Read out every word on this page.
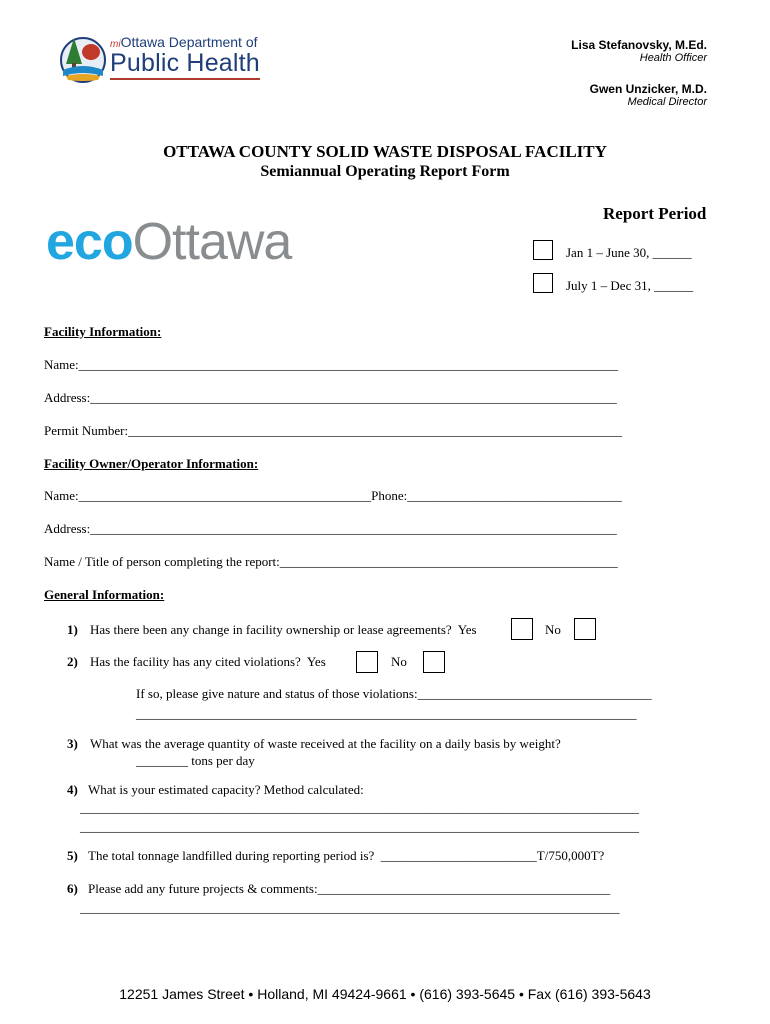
miOttawa Department of
Public Health
Lisa Stefanovsky, M.Ed.
Health Officer
Gwen Unzicker, M.D.
Medical Director
OTTAWA COUNTY SOLID WASTE DISPOSAL FACILITY
Semiannual Operating Report Form
ecoOttawa	Report Period
Jan 1 – June 30, ______
July 1 – Dec 31, ______
Facility Information:
Name:___________________________________________________________________________________
Address:_________________________________________________________________________________
Permit Number:____________________________________________________________________________
Facility Owner/Operator Information:
Name:_____________________________________________Phone:_________________________________
Address:_________________________________________________________________________________
Name / Title of person completing the report:____________________________________________________
General Information:
1) Has there been any change in facility ownership or lease agreements?  Yes	No
2) Has the facility has any cited violations?  Yes	No
If so, please give nature and status of those violations:____________________________________
_____________________________________________________________________________
3) What was the average quantity of waste received at the facility on a daily basis by weight?
________ tons per day
4) What is your estimated capacity? Method calculated:
______________________________________________________________________________________
______________________________________________________________________________________
5) The total tonnage landfilled during reporting period is?  ________________________T/750,000T?
6) Please add any future projects & comments:_____________________________________________
___________________________________________________________________________________
12251 James Street • Holland, MI 49424-9661 • (616) 393-5645 • Fax (616) 393-5643
